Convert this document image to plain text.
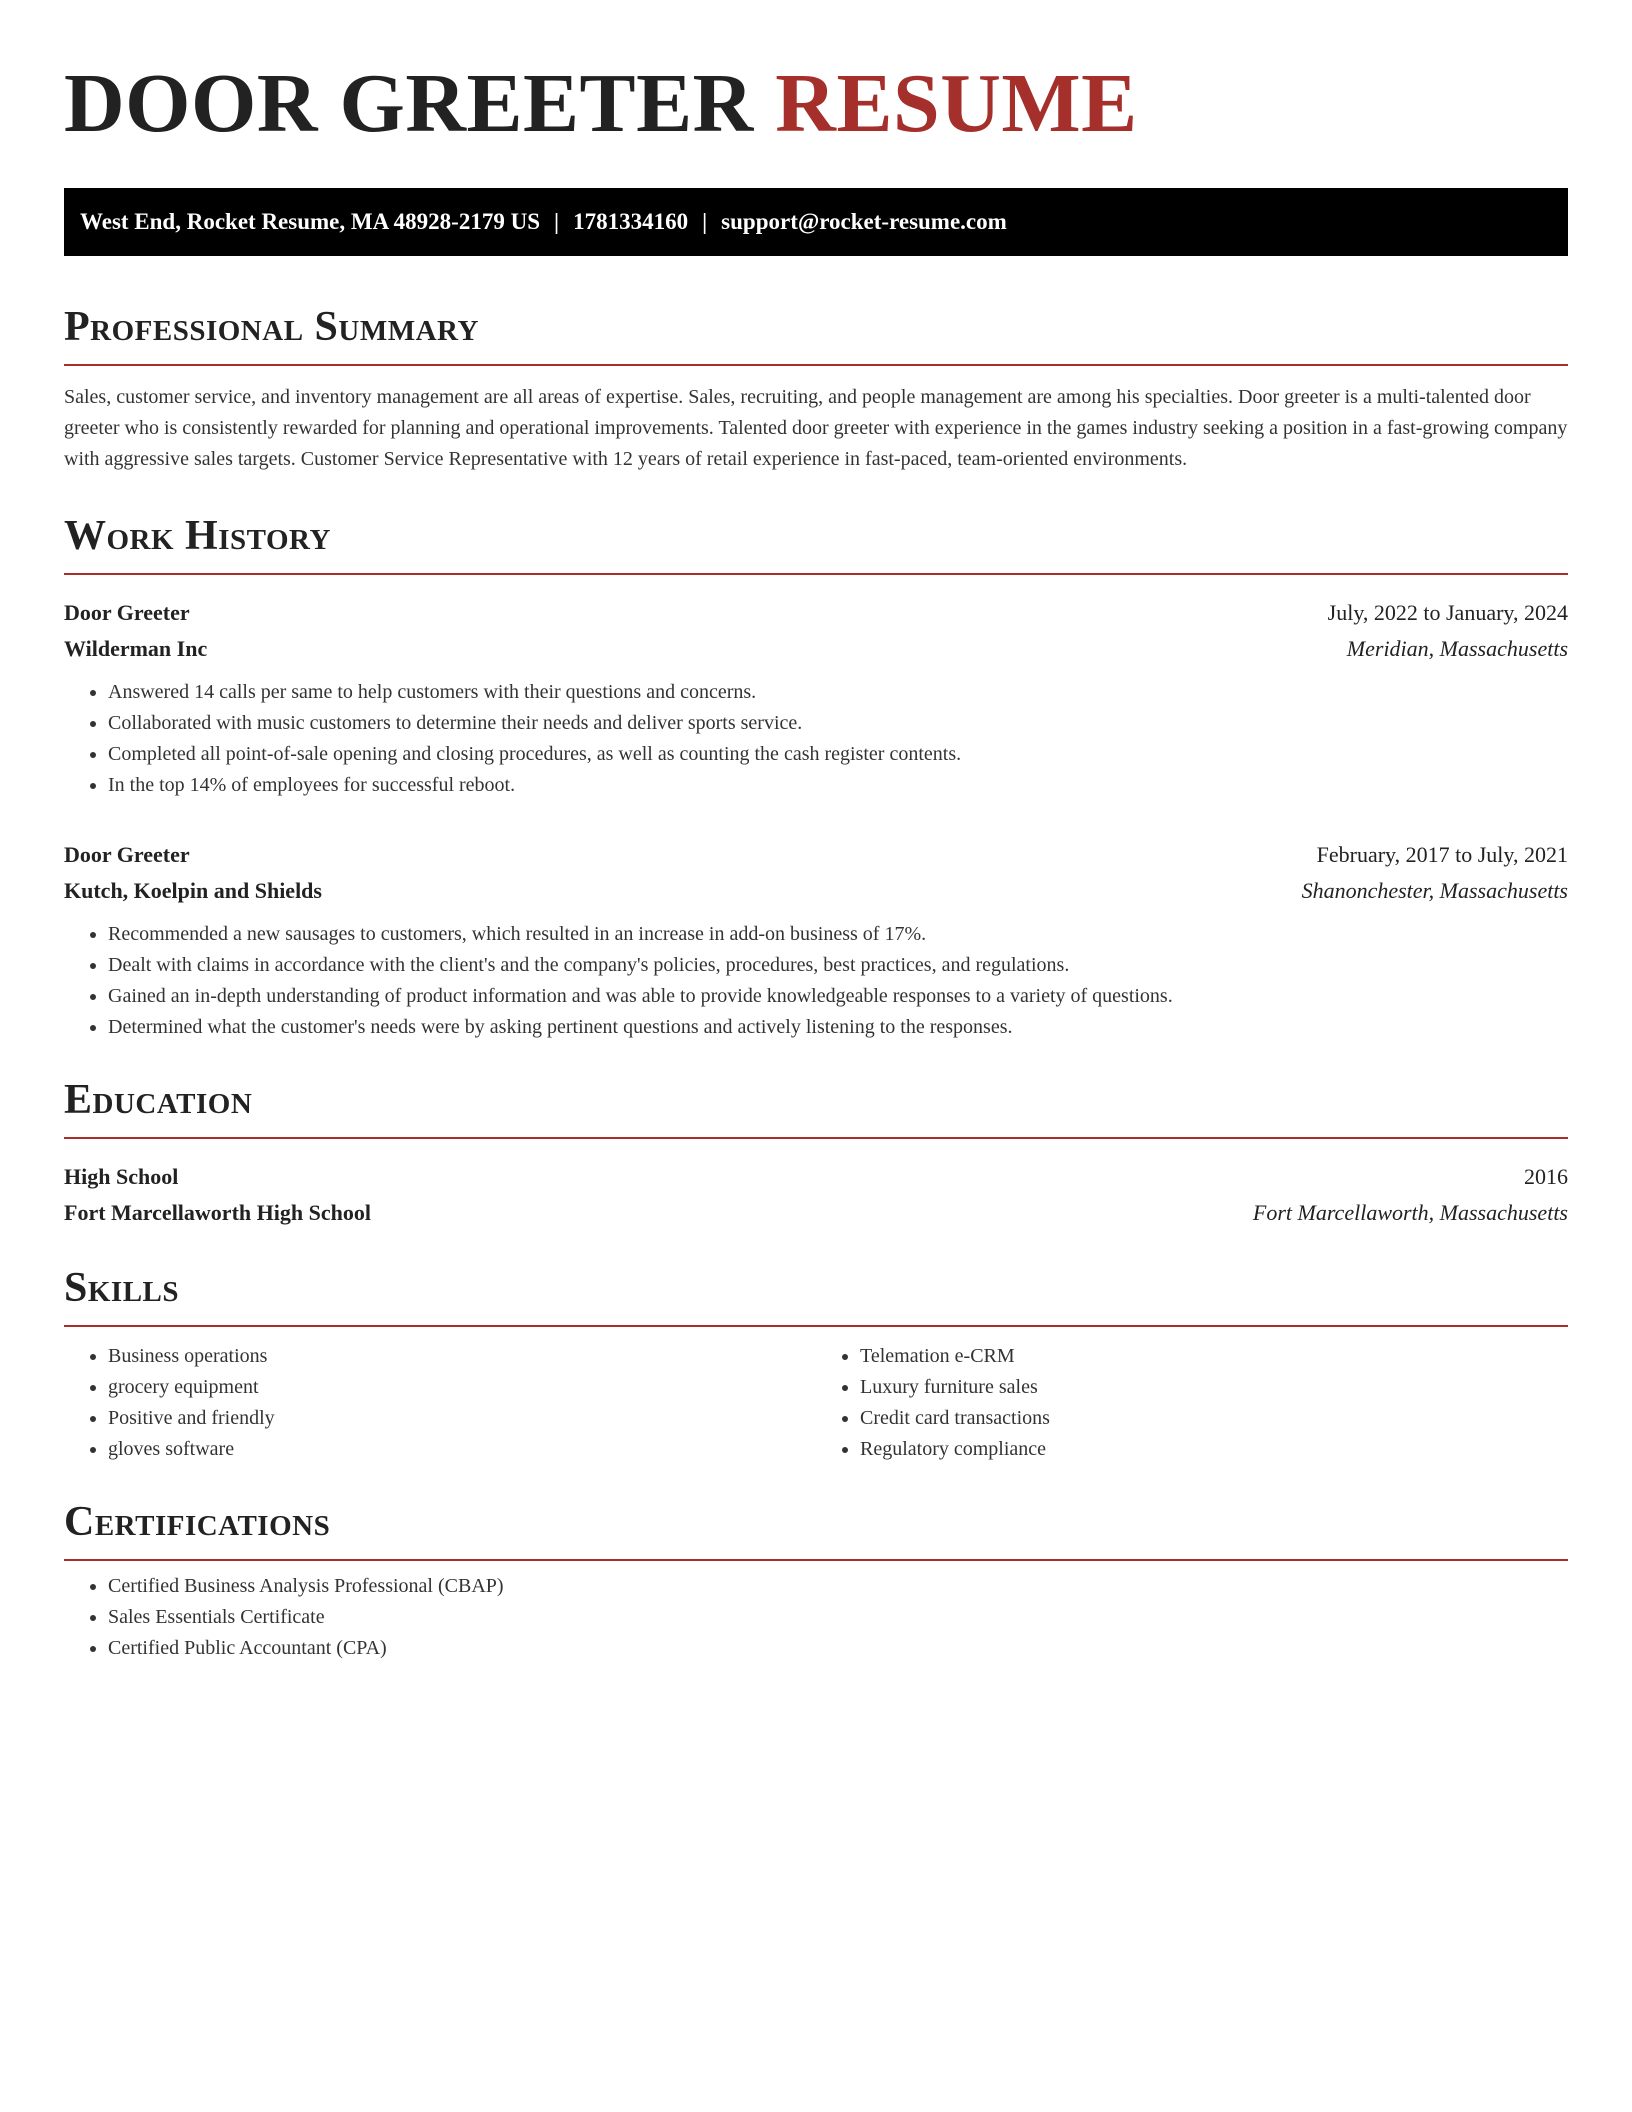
DOOR GREETER RESUME
West End, Rocket Resume, MA 48928-2179 US | 1781334160 | support@rocket-resume.com
Professional Summary

Sales, customer service, and inventory management are all areas of expertise. Sales, recruiting, and people management are among his specialties. Door greeter is a multi-talented door greeter who is consistently rewarded for planning and operational improvements. Talented door greeter with experience in the games industry seeking a position in a fast-growing company with aggressive sales targets. Customer Service Representative with 12 years of retail experience in fast-paced, team-oriented environments.

Work History
Door Greeter	July, 2022 to January, 2024
Wilderman Inc	Meridian, Massachusetts
• Answered 14 calls per same to help customers with their questions and concerns.
• Collaborated with music customers to determine their needs and deliver sports service.
• Completed all point-of-sale opening and closing procedures, as well as counting the cash register contents.
• In the top 14% of employees for successful reboot.
Door Greeter	February, 2017 to July, 2021
Kutch, Koelpin and Shields	Shanonchester, Massachusetts
• Recommended a new sausages to customers, which resulted in an increase in add-on business of 17%.
• Dealt with claims in accordance with the client's and the company's policies, procedures, best practices, and regulations.
• Gained an in-depth understanding of product information and was able to provide knowledgeable responses to a variety of questions.
• Determined what the customer's needs were by asking pertinent questions and actively listening to the responses.
Education
High School	2016
Fort Marcellaworth High School	Fort Marcellaworth, Massachusetts
Skills
• Business operations
• grocery equipment
• Positive and friendly
• gloves software
• Telemation e-CRM
• Luxury furniture sales
• Credit card transactions
• Regulatory compliance
Certifications
• Certified Business Analysis Professional (CBAP)
• Sales Essentials Certificate
• Certified Public Accountant (CPA)
